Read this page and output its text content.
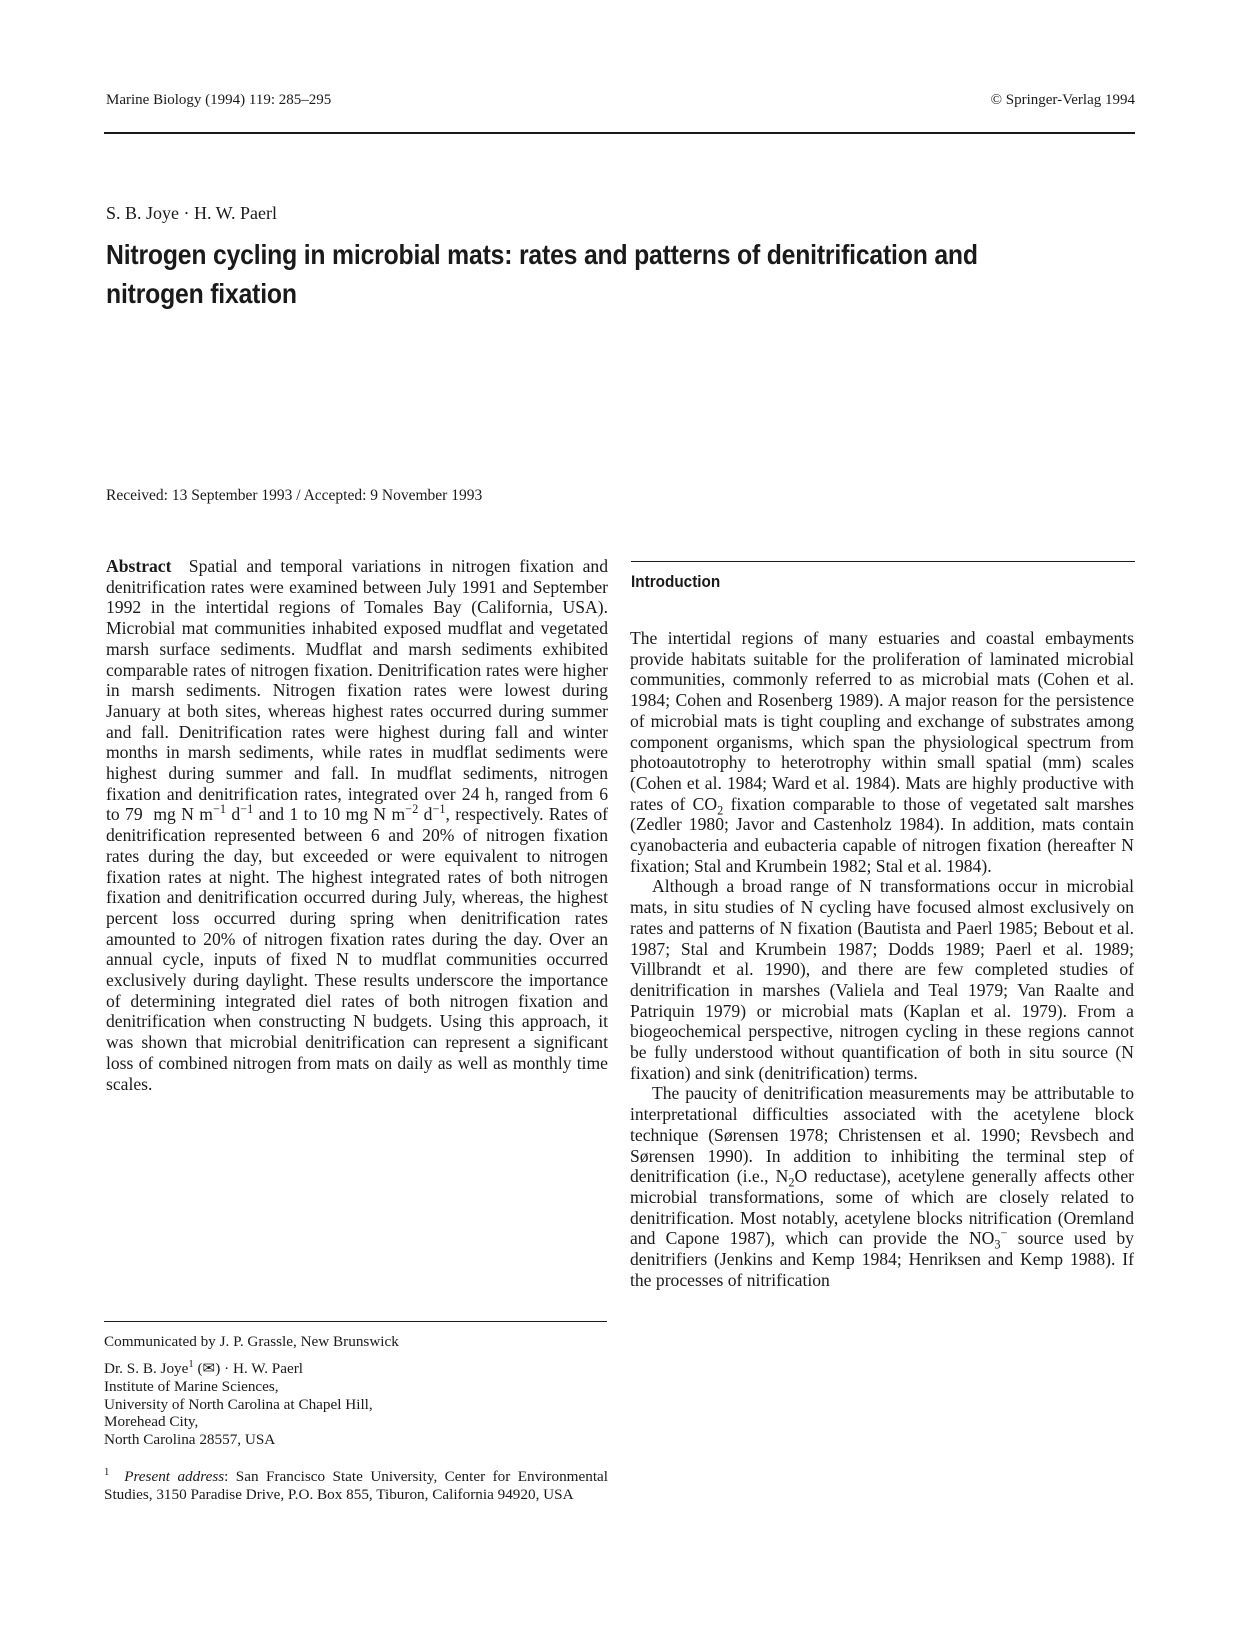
Marine Biology (1994) 119: 285–295	© Springer-Verlag 1994
S. B. Joye · H. W. Paerl
Nitrogen cycling in microbial mats: rates and patterns of denitrification and nitrogen fixation
Received: 13 September 1993 / Accepted: 9 November 1993

Abstract Spatial and temporal variations in nitrogen fixation and denitrification rates were examined between July 1991 and September 1992 in the intertidal regions of Tomales Bay (California, USA). Microbial mat communities inhabited exposed mudflat and vegetated marsh surface sediments. Mudflat and marsh sediments exhibited comparable rates of nitrogen fixation. Denitrification rates were higher in marsh sediments. Nitrogen fixation rates were lowest during January at both sites, whereas highest rates occurred during summer and fall. Denitrification rates were highest during fall and winter months in marsh sediments, while rates in mudflat sediments were highest during summer and fall. In mudflat sediments, nitrogen fixation and denitrification rates, integrated over 24 h, ranged from 6 to 79 mg N $m^{-1}$ $d^{-1}$ and 1 to 10 mg N $m^{-2}$ $d^{-1}$, respectively. Rates of denitrification represented between 6 and 20% of nitrogen fixation rates during the day, but exceeded or were equivalent to nitrogen fixation rates at night. The highest integrated rates of both nitrogen fixation and denitrification occurred during July, whereas, the highest percent loss occurred during spring when denitrification rates amounted to 20% of nitrogen fixation rates during the day. Over an annual cycle, inputs of fixed N to mudflat communities occurred exclusively during daylight. These results underscore the importance of determining integrated diel rates of both nitrogen fixation and denitrification when constructing N budgets. Using this approach, it was shown that microbial denitrification can represent a significant loss of combined nitrogen from mats on daily as well as monthly time scales.

Communicated by J. P. Grassle, New Brunswick
Dr. S. B. Joye$^1$ (✉) · H. W. Paerl
Institute of Marine Sciences,
University of North Carolina at Chapel Hill,
Morehead City,
North Carolina 28557, USA
$^1$ Present address: San Francisco State University, Center for Environmental Studies, 3150 Paradise Drive, P.O. Box 855, Tiburon, California 94920, USA
Introduction

The intertidal regions of many estuaries and coastal embayments provide habitats suitable for the proliferation of laminated microbial communities, commonly referred to as microbial mats (Cohen et al. 1984; Cohen and Rosenberg 1989). A major reason for the persistence of microbial mats is tight coupling and exchange of substrates among component organisms, which span the physiological spectrum from photoautotrophy to heterotrophy within small spatial (mm) scales (Cohen et al. 1984; Ward et al. 1984). Mats are highly productive with rates of $CO_2$ fixation comparable to those of vegetated salt marshes (Zedler 1980; Javor and Castenholz 1984). In addition, mats contain cyanobacteria and eubacteria capable of nitrogen fixation (hereafter N fixation; Stal and Krumbein 1982; Stal et al. 1984).

Although a broad range of N transformations occur in microbial mats, in situ studies of N cycling have focused almost exclusively on rates and patterns of N fixation (Bautista and Paerl 1985; Bebout et al. 1987; Stal and Krumbein 1987; Dodds 1989; Paerl et al. 1989; Villbrandt et al. 1990), and there are few completed studies of denitrification in marshes (Valiela and Teal 1979; Van Raalte and Patriquin 1979) or microbial mats (Kaplan et al. 1979). From a biogeochemical perspective, nitrogen cycling in these regions cannot be fully understood without quantification of both in situ source (N fixation) and sink (denitrification) terms.

The paucity of denitrification measurements may be attributable to interpretational difficulties associated with the acetylene block technique (Sørensen 1978; Christensen et al. 1990; Revsbech and Sørensen 1990). In addition to inhibiting the terminal step of denitrification (i.e., $N_2O$ reductase), acetylene generally affects other microbial transformations, some of which are closely related to denitrification. Most notably, acetylene blocks nitrification (Oremland and Capone 1987), which can provide the $NO_3^-$ source used by denitrifiers (Jenkins and Kemp 1984; Henriksen and Kemp 1988). If the processes of nitrification
